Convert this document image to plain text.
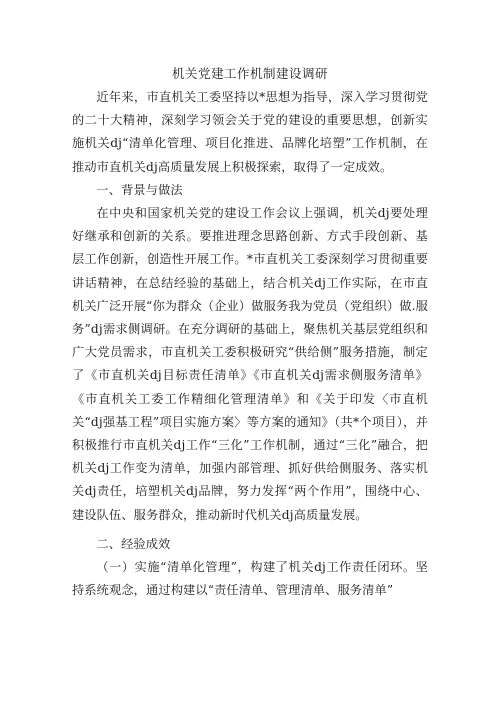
机关党建工作机制建设调研

近年来，市直机关工委坚持以*思想为指导，深入学习贯彻党的二十大精神，深刻学习领会关于党的建设的重要思想，创新实施机关dj“清单化管理、项目化推进、品牌化培塑”工作机制，在推动市直机关dj高质量发展上积极探索，取得了一定成效。

一、背景与做法

在中央和国家机关党的建设工作会议上强调，机关dj要处理好继承和创新的关系。要推进理念思路创新、方式手段创新、基层工作创新，创造性开展工作。*市直机关工委深刻学习贯彻重要讲话精神，在总结经验的基础上，结合机关dj工作实际，在市直机关广泛开展“你为群众（企业）做服务我为党员（党组织）做.服务”dj需求侧调研。在充分调研的基础上，聚焦机关基层党组织和广大党员需求，市直机关工委积极研究“供给侧”服务措施，制定了《市直机关dj目标责任清单》《市直机关dj需求侧服务清单》《市直机关工委工作精细化管理清单》和《关于印发〈市直机关“dj强基工程”项目实施方案〉等方案的通知》（共*个项目），并积极推行市直机关dj工作“三化”工作机制，通过“三化”融合，把机关dj工作变为清单，加强内部管理、抓好供给侧服务、落实机关dj责任，培塑机关dj品牌，努力发挥“两个作用”，围绕中心、建设队伍、服务群众，推动新时代机关dj高质量发展。

二、经验成效

（一）实施“清单化管理”，构建了机关dj工作责任闭环。坚持系统观念，通过构建以“责任清单、管理清单、服务清单”
